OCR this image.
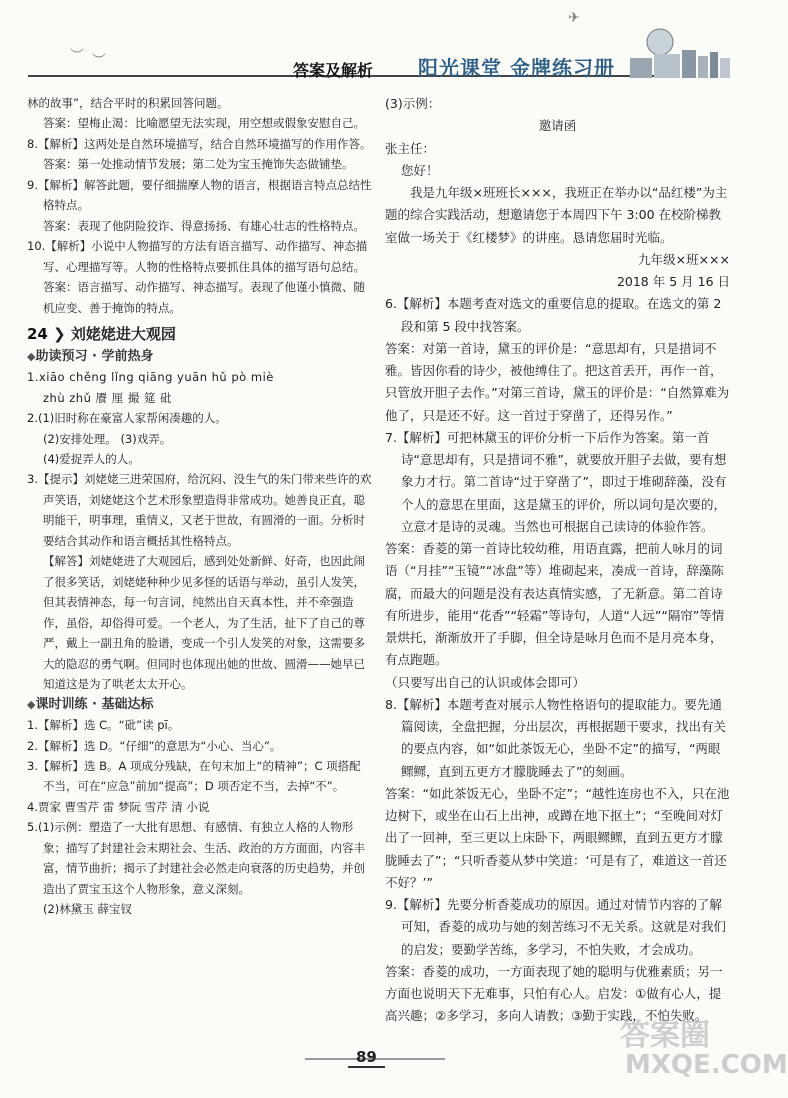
︶ ︶
✈
答案及解析 阳光课堂 金牌练习册

林的故事”，结合平时的积累回答问题。

答案：望梅止渴：比喻愿望无法实现，用空想或假象安慰自己。

8.【解析】这两处是自然环境描写，结合自然环境描写的作用作答。

答案：第一处推动情节发展；第二处为宝玉掩饰失态做铺垫。

9.【解析】解答此题，要仔细揣摩人物的语言，根据语言特点总结性格特点。

答案：表现了他阴险狡诈、得意扬扬、有雄心壮志的性格特点。

10.【解析】小说中人物描写的方法有语言描写、动作描写、神态描写、心理描写等。人物的性格特点要抓住具体的描写语句总结。

答案：语言描写、动作描写、神态描写。表现了他谨小慎微、随机应变、善于掩饰的特点。

24 ❯ 刘姥姥进大观园

◆ 助读预习 · 学前热身

1.xiāo chěng lǐng qiāng yuān hǔ pò miè

zhù zhǔ 餍 厘 撮 筵 砒

2.(1)旧时称在豪富人家帮闲凑趣的人。

(2)安排处理。 (3)戏弄。

(4)爱捉弄人的人。

3.【提示】刘姥姥三进荣国府，给沉闷、没生气的朱门带来些许的欢声笑语，刘姥姥这个艺术形象塑造得非常成功。她善良正直，聪明能干，明事理，重情义，又老于世故，有圆滑的一面。分析时要结合其动作和语言概括其性格特点。

【解答】刘姥姥进了大观园后，感到处处新鲜、好奇，也因此闹了很多笑话，刘姥姥种种少见多怪的话语与举动，虽引人发笑，但其表情神态，每一句言词，纯然出自天真本性，并不牵强造作，虽俗，却俗得可爱。一个老人，为了生活，扯下了自己的尊严，戴上一副丑角的脸谱，变成一个引人发笑的对象，这需要多大的隐忍的勇气啊。但同时也体现出她的世故、圆滑——她早已知道这是为了哄老太太开心。

◆ 课时训练 · 基础达标

1.【解析】选 C。“砒”读 pī。

2.【解析】选 D。“仔细”的意思为“小心、当心”。

3.【解析】选 B。A 项成分残缺，在句末加上“的精神”；C 项搭配不当，可在“应急”前加“提高”；D 项否定不当，去掉“不”。

4.贾家 曹雪芹 雷 梦阮 雪芹 清 小说

5.(1)示例：塑造了一大批有思想、有感情、有独立人格的人物形象；描写了封建社会末期社会、生活、政治的方方面面，内容丰富，情节曲折；揭示了封建社会必然走向衰落的历史趋势，并创造出了贾宝玉这个人物形象，意义深刻。

(2)林黛玉 薛宝钗

(3)示例：

邀请函

张主任：

您好！

我是九年级×班班长×××，我班正在举办以“品红楼”为主题的综合实践活动，想邀请您于本周四下午 3:00 在校阶梯教室做一场关于《红楼梦》的讲座。恳请您届时光临。

九年级×班×××

2018 年 5 月 16 日

6.【解析】本题考查对选文的重要信息的提取。在选文的第 2 段和第 5 段中找答案。

答案：对第一首诗，黛玉的评价是：“意思却有，只是措词不雅。皆因你看的诗少，被他缚住了。把这首丢开，再作一首，只管放开胆子去作。”对第三首诗，黛玉的评价是：“自然算难为他了，只是还不好。这一首过于穿凿了，还得另作。”

7.【解析】可把林黛玉的评价分析一下后作为答案。第一首诗“意思却有，只是措词不雅”，就要放开胆子去做，要有想象力才行。第二首诗“过于穿凿了”，即过于堆砌辞藻，没有个人的意思在里面，这是黛玉的评价，所以词句是次要的，立意才是诗的灵魂。当然也可根据自己读诗的体验作答。

答案：香菱的第一首诗比较幼稚，用语直露，把前人咏月的词语（“月挂”“玉镜”“冰盘”等）堆砌起来，凑成一首诗，辞藻陈腐，而最大的问题是没有表达真情实感，了无新意。第二首诗有所进步，能用“花香”“轻霜”等诗句，人道“人远”“隔帘”等情景烘托，渐渐放开了手脚，但全诗是咏月色而不是月亮本身，有点跑题。

（只要写出自己的认识或体会即可）

8.【解析】本题考查对展示人物性格语句的提取能力。要先通篇阅读，全盘把握，分出层次，再根据题干要求，找出有关的要点内容，如“如此茶饭无心，坐卧不定”的描写，“两眼鳏鳏，直到五更方才朦胧睡去了”的刻画。

答案：“如此茶饭无心，坐卧不定”；“越性连房也不入，只在池边树下，或坐在山石上出神，或蹲在地下抠土”；“至晚间对灯出了一回神，至三更以上床卧下，两眼鳏鳏，直到五更方才朦胧睡去了”；“只听香菱从梦中笑道：‘可是有了，难道这一首还不好？’”

9.【解析】先要分析香菱成功的原因。通过对情节内容的了解可知，香菱的成功与她的刻苦练习不无关系。这就是对我们的启发；要勤学苦练，多学习，不怕失败，才会成功。

答案：香菱的成功，一方面表现了她的聪明与优雅素质；另一方面也说明天下无难事，只怕有心人。启发：①做有心人，提高兴趣；②多学习，多向人请教；③勤于实践，不怕失败。

89
答案圈
MXQE.COM
